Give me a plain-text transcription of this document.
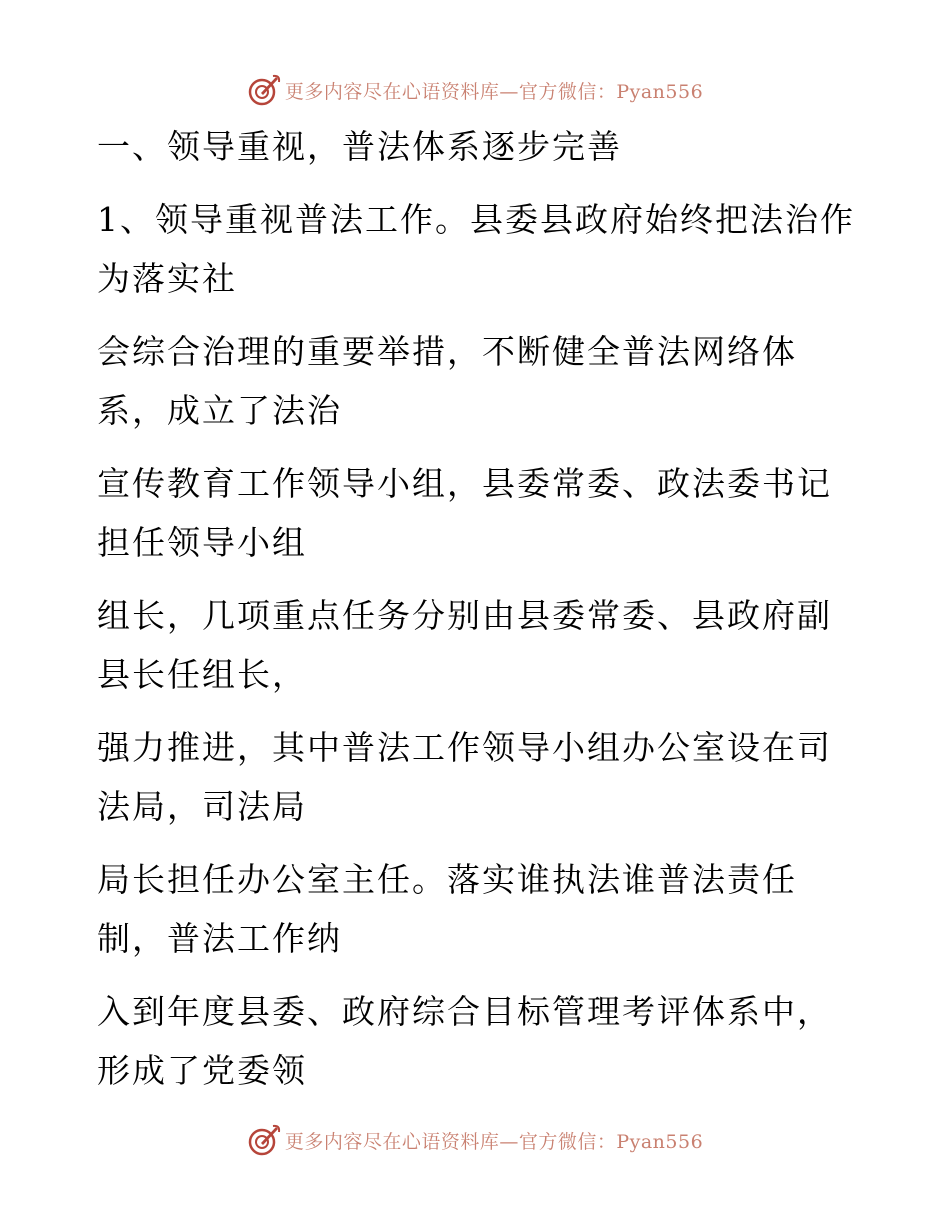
更多内容尽在心语资料库—官方微信：Pyan556
一、领导重视，普法体系逐步完善
1、领导重视普法工作。县委县政府始终把法治作
为落实社
会综合治理的重要举措，不断健全普法网络体
系，成立了法治
宣传教育工作领导小组，县委常委、政法委书记
担任领导小组
组长，几项重点任务分别由县委常委、县政府副
县长任组长，
强力推进，其中普法工作领导小组办公室设在司
法局，司法局
局长担任办公室主任。落实谁执法谁普法责任
制，普法工作纳
入到年度县委、政府综合目标管理考评体系中，
形成了党委领
更多内容尽在心语资料库—官方微信：Pyan556
